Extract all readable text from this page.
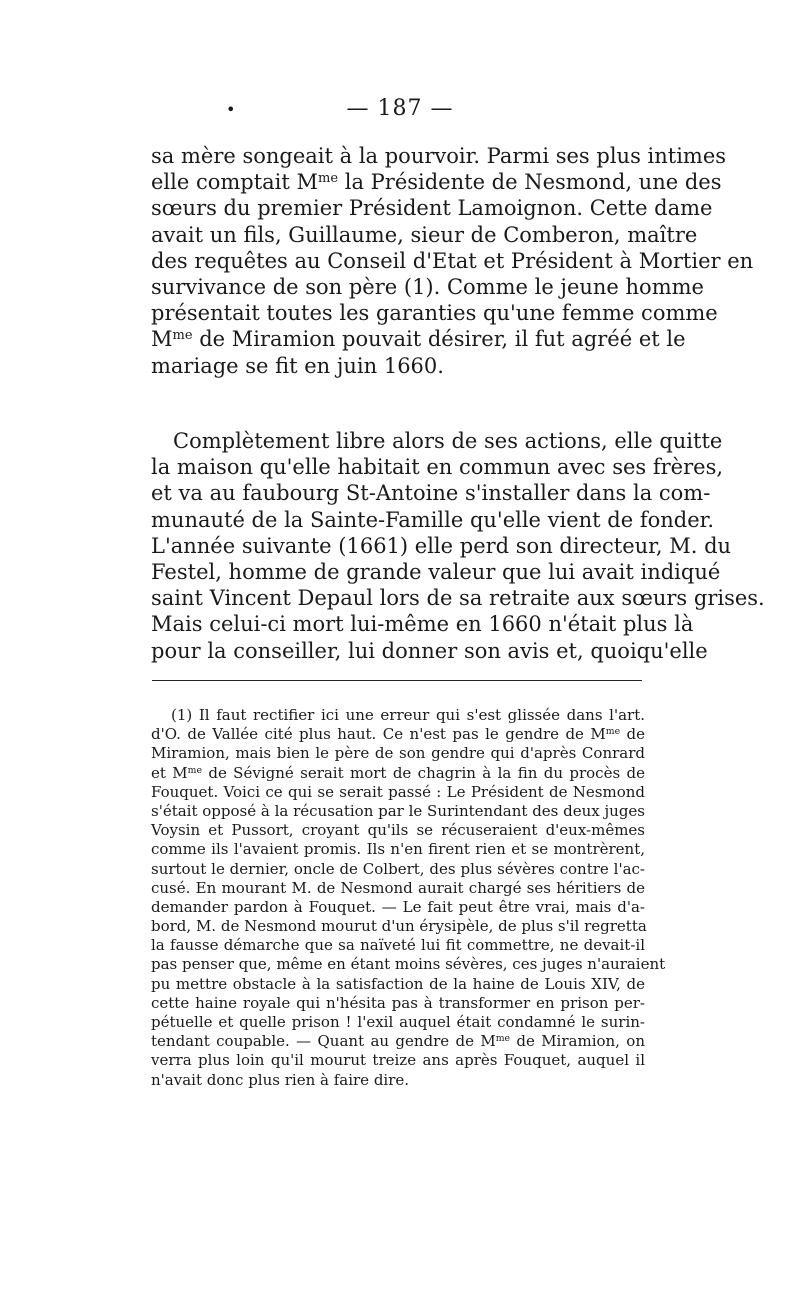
•	— 187 —
sa mère songeait à la pourvoir. Parmi ses plus intimes
elle comptait $M^{me}$ la Présidente de Nesmond, une des
sœurs du premier Président Lamoignon. Cette dame
avait un fils, Guillaume, sieur de Comberon, maître
des requêtes au Conseil d'Etat et Président à Mortier en
survivance de son père (1). Comme le jeune homme
présentait toutes les garanties qu'une femme comme
$M^{me}$ de Miramion pouvait désirer, il fut agréé et le
mariage se fit en juin 1660.
Complètement libre alors de ses actions, elle quitte
la maison qu'elle habitait en commun avec ses frères,
et va au faubourg St-Antoine s'installer dans la com-
munauté de la Sainte-Famille qu'elle vient de fonder.
L'année suivante (1661) elle perd son directeur, M. du
Festel, homme de grande valeur que lui avait indiqué
saint Vincent Depaul lors de sa retraite aux sœurs grises.
Mais celui-ci mort lui-même en 1660 n'était plus là
pour la conseiller, lui donner son avis et, quoiqu'elle
(1) Il faut rectifier ici une erreur qui s'est glissée dans l'art.
d'O. de Vallée cité plus haut. Ce n'est pas le gendre de $M^{me}$ de
Miramion, mais bien le père de son gendre qui d'après Conrard
et $M^{me}$ de Sévigné serait mort de chagrin à la fin du procès de
Fouquet. Voici ce qui se serait passé : Le Président de Nesmond
s'était opposé à la récusation par le Surintendant des deux juges
Voysin et Pussort, croyant qu'ils se récuseraient d'eux-mêmes
comme ils l'avaient promis. Ils n'en firent rien et se montrèrent,
surtout le dernier, oncle de Colbert, des plus sévères contre l'ac-
cusé. En mourant M. de Nesmond aurait chargé ses héritiers de
demander pardon à Fouquet. — Le fait peut être vrai, mais d'a-
bord, M. de Nesmond mourut d'un érysipèle, de plus s'il regretta
la fausse démarche que sa naïveté lui fit commettre, ne devait-il
pas penser que, même en étant moins sévères, ces juges n'auraient
pu mettre obstacle à la satisfaction de la haine de Louis XIV, de
cette haine royale qui n'hésita pas à transformer en prison per-
pétuelle et quelle prison ! l'exil auquel était condamné le surin-
tendant coupable. — Quant au gendre de $M^{me}$ de Miramion, on
verra plus loin qu'il mourut treize ans après Fouquet, auquel il
n'avait donc plus rien à faire dire.
